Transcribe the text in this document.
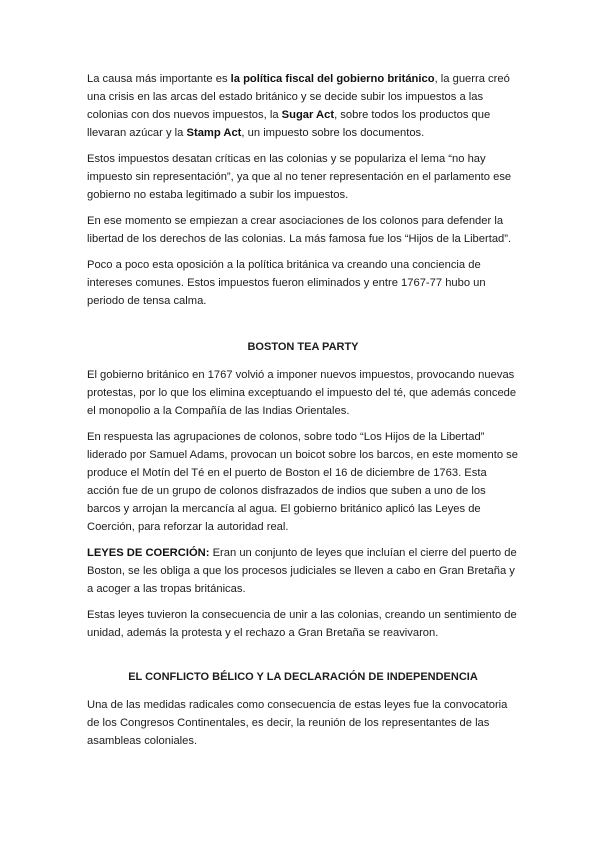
La causa más importante es la política fiscal del gobierno británico, la guerra creó una crisis en las arcas del estado británico y se decide subir los impuestos a las colonias con dos nuevos impuestos, la Sugar Act, sobre todos los productos que llevaran azúcar y la Stamp Act, un impuesto sobre los documentos.

Estos impuestos desatan críticas en las colonias y se populariza el lema “no hay impuesto sin representación”, ya que al no tener representación en el parlamento ese gobierno no estaba legitimado a subir los impuestos.

En ese momento se empiezan a crear asociaciones de los colonos para defender la libertad de los derechos de las colonias. La más famosa fue los “Hijos de la Libertad”.

Poco a poco esta oposición a la política británica va creando una conciencia de intereses comunes. Estos impuestos fueron eliminados y entre 1767-77 hubo un periodo de tensa calma.

BOSTON TEA PARTY

El gobierno británico en 1767 volvió a imponer nuevos impuestos, provocando nuevas protestas, por lo que los elimina exceptuando el impuesto del té, que además concede el monopolio a la Compañía de las Indias Orientales.

En respuesta las agrupaciones de colonos, sobre todo “Los Hijos de la Libertad” liderado por Samuel Adams, provocan un boicot sobre los barcos, en este momento se produce el Motín del Té en el puerto de Boston el 16 de diciembre de 1763. Esta acción fue de un grupo de colonos disfrazados de indios que suben a uno de los barcos y arrojan la mercancía al agua. El gobierno británico aplicó las Leyes de Coerción, para reforzar la autoridad real.

LEYES DE COERCIÓN: Eran un conjunto de leyes que incluían el cierre del puerto de Boston, se les obliga a que los procesos judiciales se lleven a cabo en Gran Bretaña y a acoger a las tropas británicas.

Estas leyes tuvieron la consecuencia de unir a las colonias, creando un sentimiento de unidad, además la protesta y el rechazo a Gran Bretaña se reavivaron.

EL CONFLICTO BÉLICO Y LA DECLARACIÓN DE INDEPENDENCIA

Una de las medidas radicales como consecuencia de estas leyes fue la convocatoria de los Congresos Continentales, es decir, la reunión de los representantes de las asambleas coloniales.
